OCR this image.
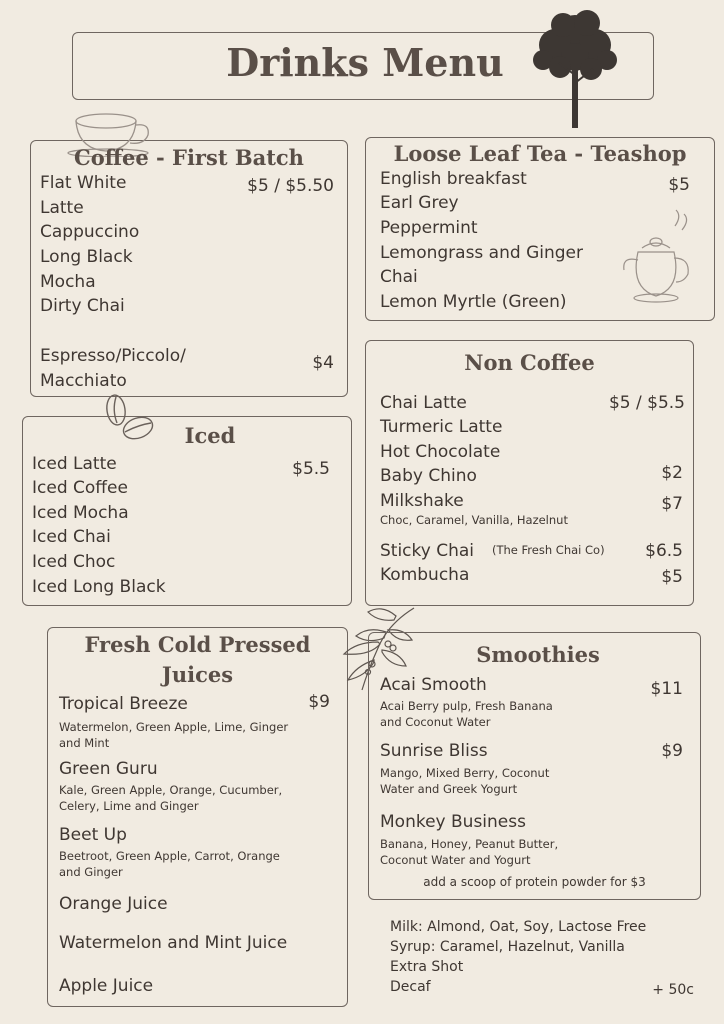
Drinks Menu
Coffee - First Batch
Flat White	$5 / $5.50
Latte
Cappuccino
Long Black
Mocha
Dirty Chai
Espresso/Piccolo/
Macchiato
$4
Loose Leaf Tea - Teashop
English breakfast	$5
Earl Grey
Peppermint
Lemongrass and Ginger
Chai
Lemon Myrtle (Green)
Non Coffee
Chai Latte	$5 / $5.5
Turmeric Latte
Hot Chocolate
Baby Chino	$2
Milkshake	$7
Choc, Caramel, Vanilla, Hazelnut
Sticky Chai (The Fresh Chai Co)	$6.5
Kombucha	$5
Iced
Iced Latte	$5.5
Iced Coffee
Iced Mocha
Iced Chai
Iced Choc
Iced Long Black
Fresh Cold Pressed
Juices
Tropical Breeze	$9
Watermelon, Green Apple, Lime, Ginger
and Mint
Green Guru
Kale, Green Apple, Orange, Cucumber,
Celery, Lime and Ginger
Beet Up
Beetroot, Green Apple, Carrot, Orange
and Ginger
Orange Juice
Watermelon and Mint Juice
Apple Juice
Smoothies
Acai Smooth	$11
Acai Berry pulp, Fresh Banana
and Coconut Water
Sunrise Bliss	$9
Mango, Mixed Berry, Coconut
Water and Greek Yogurt
Monkey Business
Banana, Honey, Peanut Butter,
Coconut Water and Yogurt
add a scoop of protein powder for $3
Milk: Almond, Oat, Soy, Lactose Free
Syrup: Caramel, Hazelnut, Vanilla
Extra Shot
Decaf	+ 50c
